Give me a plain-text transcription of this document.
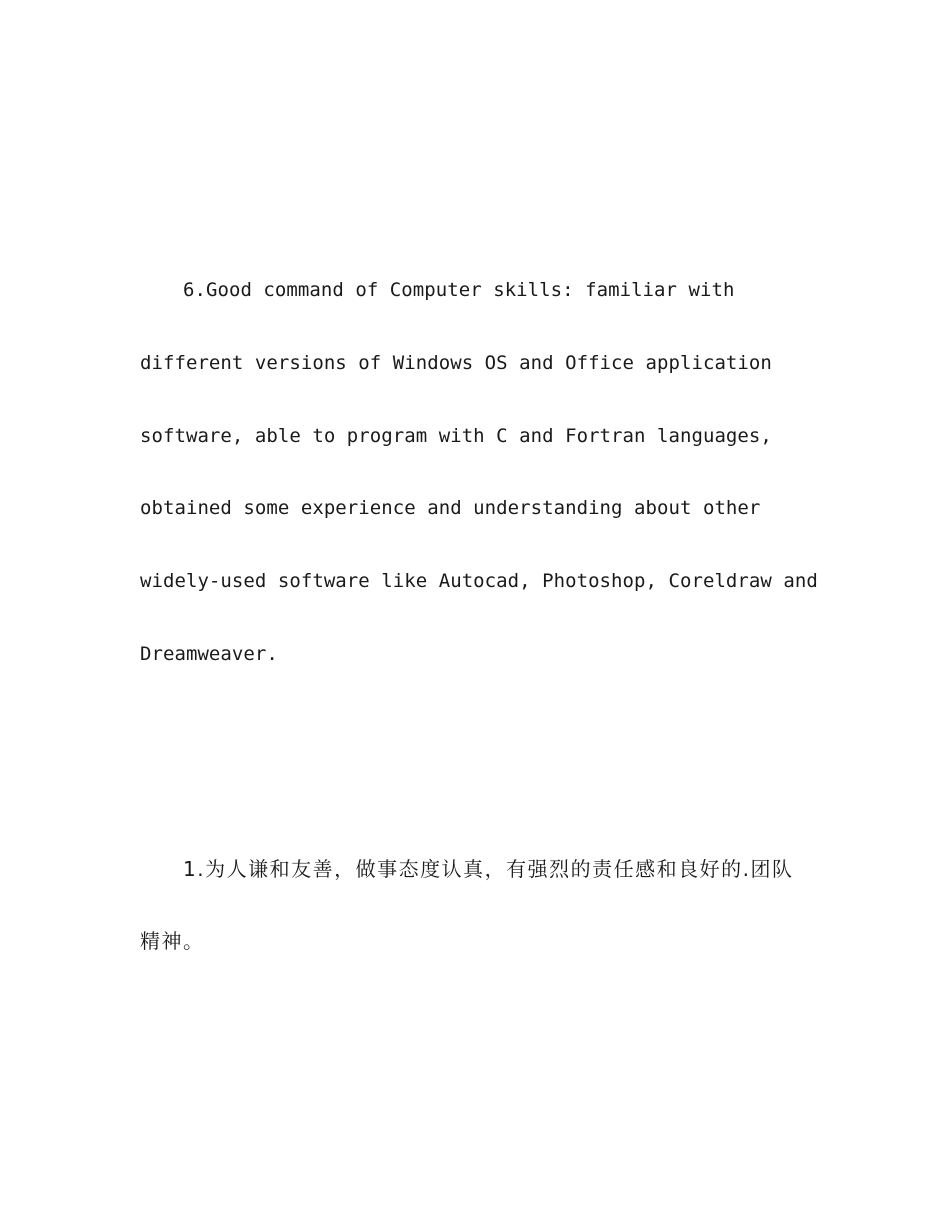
6.Good command of Computer skills: familiar with
different versions of Windows OS and Office application
software, able to program with C and Fortran languages,
obtained some experience and understanding about other
widely-used software like Autocad, Photoshop, Coreldraw and
Dreamweaver.
1.为人谦和友善，做事态度认真，有强烈的责任感和良好的.团队
精神。
